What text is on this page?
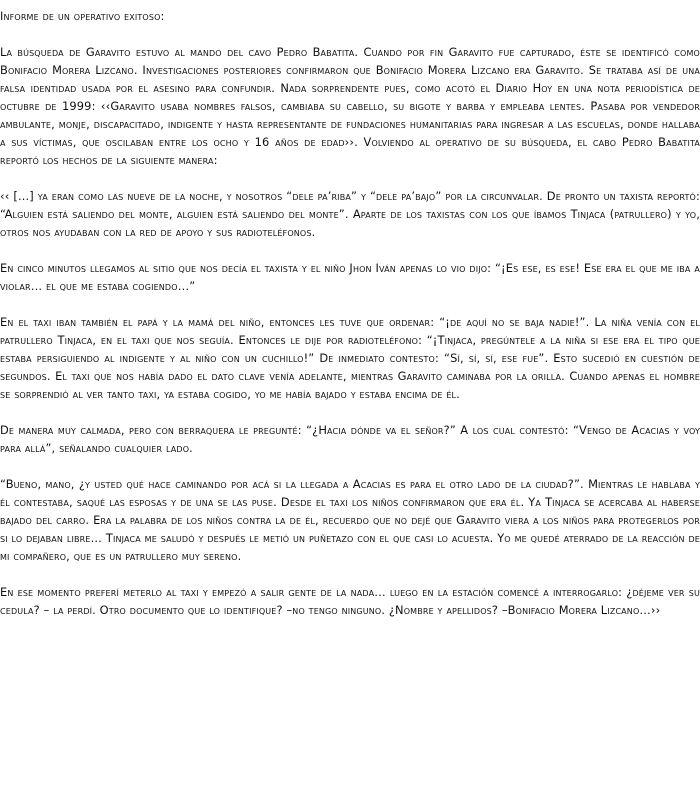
Informe de un operativo exitoso:

La búsqueda de Garavito estuvo al mando del cavo Pedro Babatita. Cuando por fin Garavito fue capturado, éste se identificó como Bonifacio Morera Lizcano. Investigaciones posteriores confirmaron que Bonifacio Morera Lizcano era Garavito. Se trataba así de una falsa identidad usada por el asesino para confundir. Nada sorprendente pues, como acotó el Diario Hoy en una nota periodística de octubre de 1999: ‹‹Garavito usaba nombres falsos, cambiaba su cabello, su bigote y barba y empleaba lentes. Pasaba por vendedor ambulante, monje, discapacitado, indigente y hasta representante de fundaciones humanitarias para ingresar a las escuelas, donde hallaba a sus víctimas, que oscilaban entre los ocho y 16 años de edad››. Volviendo al operativo de su búsqueda, el cabo Pedro Babatita reportó los hechos de la siguiente manera:

‹‹ [...] ya eran como las nueve de la noche, y nosotros “dele pa’riba” y “dele pa’bajo” por la circunvalar. De pronto un taxista reportó: “Alguien está saliendo del monte, alguien está saliendo del monte”. Aparte de los taxistas con los que íbamos Tinjaca (patrullero) y yo, otros nos ayudaban con la red de apoyo y sus radioteléfonos.

En cinco minutos llegamos al sitio que nos decía el taxista y el niño Jhon Iván apenas lo vio dijo: “¡Es ese, es ese! Ese era el que me iba a violar… el que me estaba cogiendo…”

En el taxi iban también el papá y la mamá del niño, entonces les tuve que ordenar: “¡de aquí no se baja nadie!”. La niña venía con el patrullero Tinjaca, en el taxi que nos seguía. Entonces le dije por radioteléfono: “¡Tinjaca, pregúntele a la niña si ese era el tipo que estaba persiguiendo al indigente y al niño con un cuchillo!” De inmediato contesto: “Sí, sí, sí, ese fue”. Esto sucedió en cuestión de segundos. El taxi que nos había dado el dato clave venía adelante, mientras Garavito caminaba por la orilla. Cuando apenas el hombre se sorprendió al ver tanto taxi, ya estaba cogido, yo me había bajado y estaba encima de él.

De manera muy calmada, pero con berraquera le pregunté: “¿Hacia dónde va el señor?” A los cual contestó: “Vengo de Acacias y voy para allá”, señalando cualquier lado.

“Bueno, mano, ¿y usted qué hace caminando por acá si la llegada a Acacias es para el otro lado de la ciudad?”. Mientras le hablaba y él contestaba, saqué las esposas y de una se las puse. Desde el taxi los niños confirmaron que era él. Ya Tinjaca se acercaba al haberse bajado del carro. Era la palabra de los niños contra la de él, recuerdo que no dejé que Garavito viera a los niños para protegerlos por si lo dejaban libre… Tinjaca me saludó y después le metió un puñetazo con el que casi lo acuesta. Yo me quedé aterrado de la reacción de mi compañero, que es un patrullero muy sereno.

En ese momento preferí meterlo al taxi y empezó a salir gente de la nada… luego en la estación comencé a interrogarlo: ¿déjeme ver su cedula? – la perdí. Otro documento que lo identifique? –no tengo ninguno. ¿Nombre y apellidos? –Bonifacio Morera Lizcano…››
